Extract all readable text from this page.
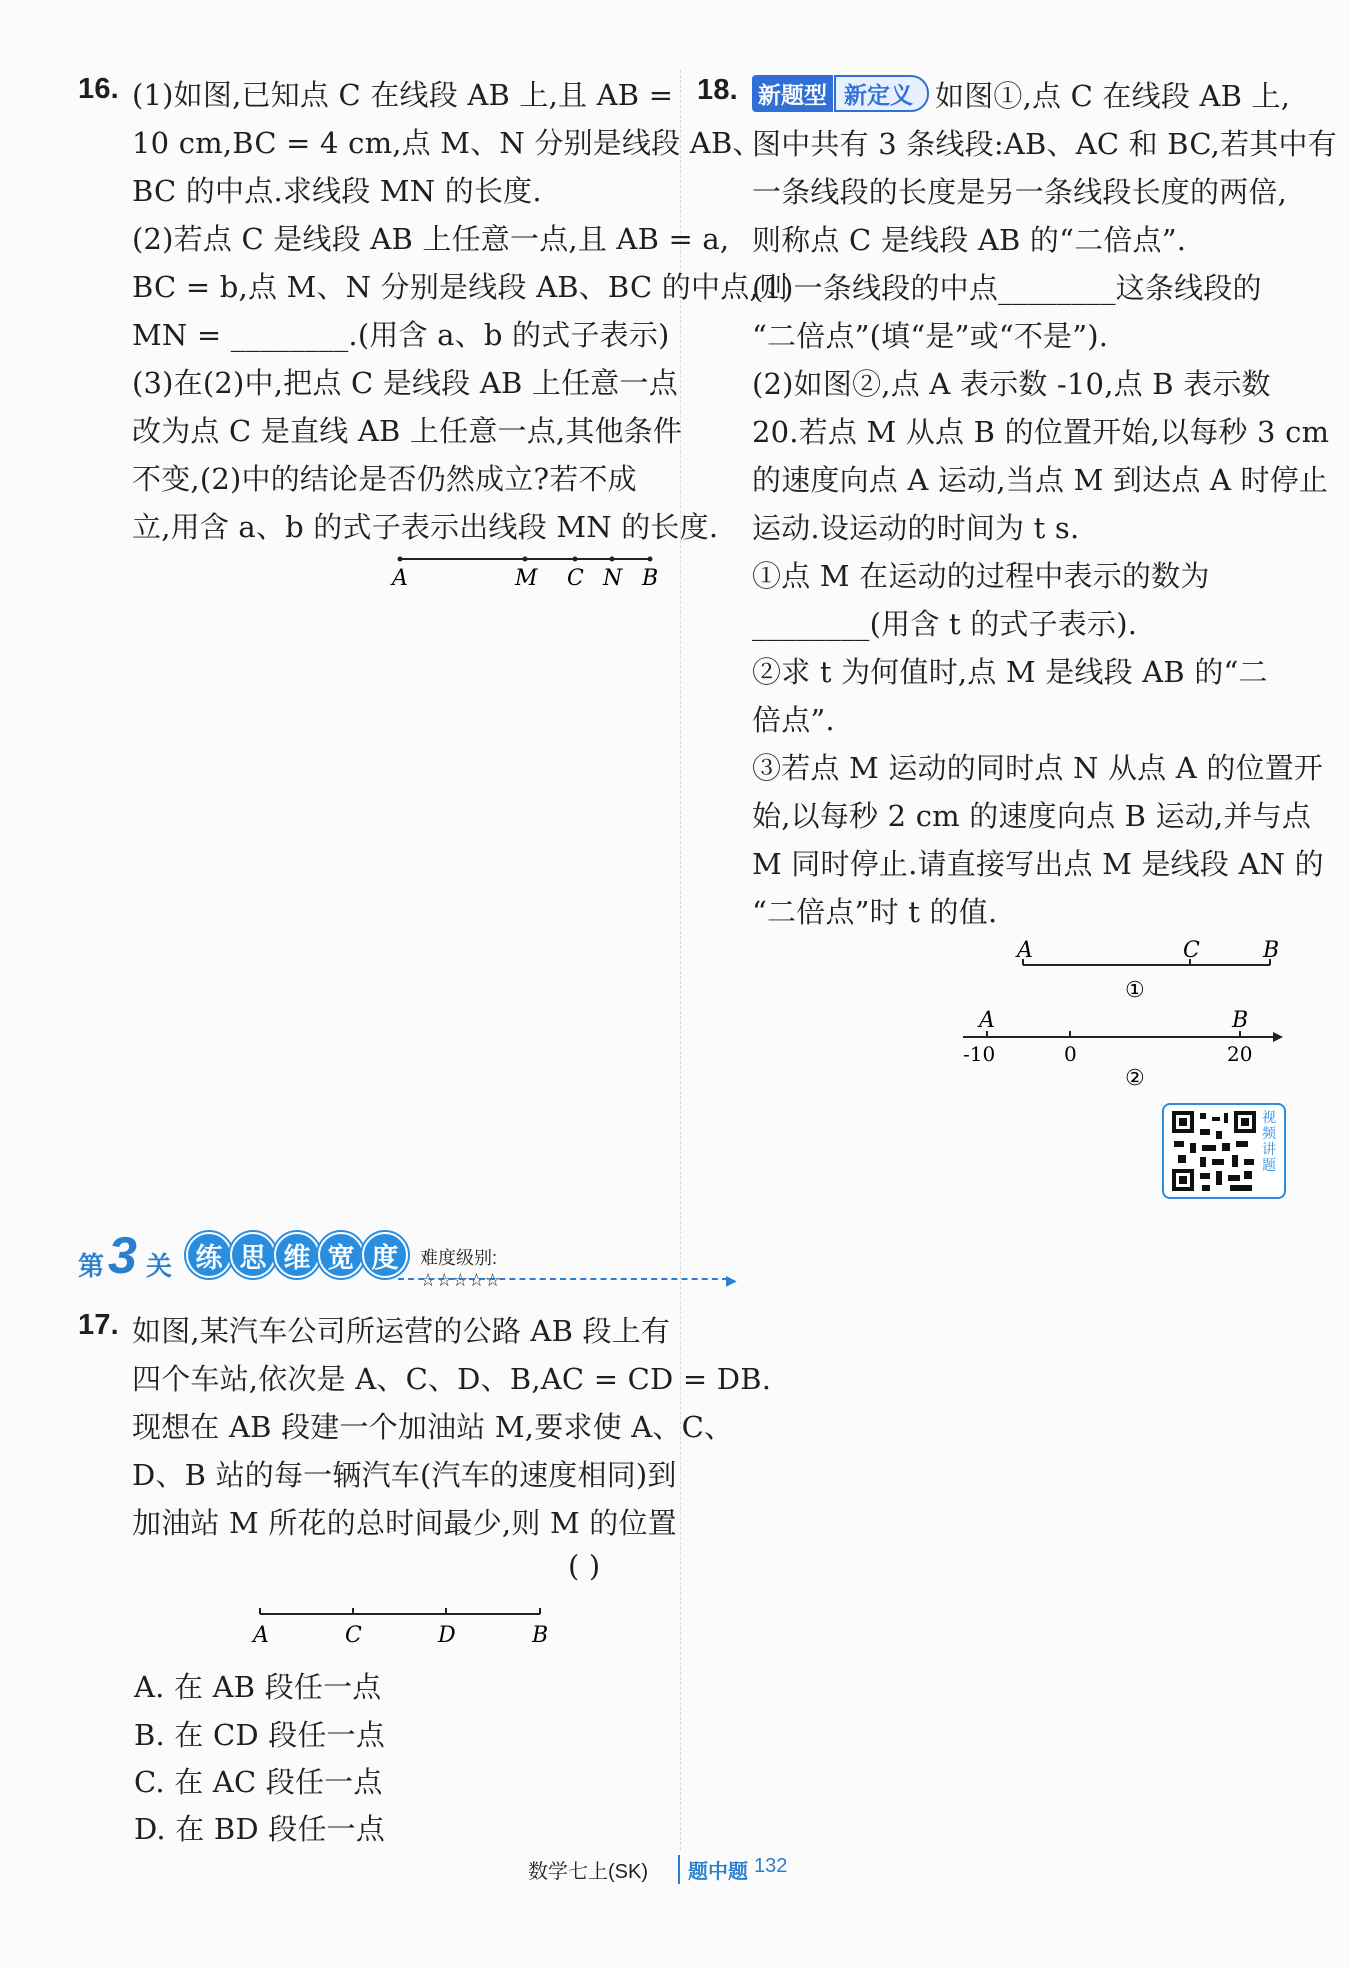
16. (1)如图,已知点 C 在线段 AB 上,且 AB =
10 cm,BC = 4 cm,点 M、N 分别是线段 AB、
BC 的中点.求线段 MN 的长度.
(2)若点 C 是线段 AB 上任意一点,且 AB = a,
BC = b,点 M、N 分别是线段 AB、BC 的中点,则
MN = ________.(用含 a、b 的式子表示)
(3)在(2)中,把点 C 是线段 AB 上任意一点
改为点 C 是直线 AB 上任意一点,其他条件
不变,(2)中的结论是否仍然成立?若不成
立,用含 a、b 的式子表示出线段 MN 的长度.
A	M C N B
第 3 关 练 思 维 宽 度	难度级别: ☆☆☆☆☆	▶
17. 如图,某汽车公司所运营的公路 AB 段上有
四个车站,依次是 A、C、D、B,AC = CD = DB.
现想在 AB 段建一个加油站 M,要求使 A、C、
D、B 站的每一辆汽车(汽车的速度相同)到
加油站 M 所花的总时间最少,则 M 的位置
( )
A	C	D	B
A. 在 AB 段任一点
B. 在 CD 段任一点
C. 在 AC 段任一点
D. 在 BD 段任一点
18. 新题型 新定义 如图①,点 C 在线段 AB 上,
图中共有 3 条线段:AB、AC 和 BC,若其中有
一条线段的长度是另一条线段长度的两倍,
则称点 C 是线段 AB 的“二倍点”.
(1)一条线段的中点________这条线段的
“二倍点”(填“是”或“不是”).
(2)如图②,点 A 表示数 -10,点 B 表示数
20.若点 M 从点 B 的位置开始,以每秒 3 cm
的速度向点 A 运动,当点 M 到达点 A 时停止
运动.设运动的时间为 t s.
①点 M 在运动的过程中表示的数为
________(用含 t 的式子表示).
②求 t 为何值时,点 M 是线段 AB 的“二
倍点”.
③若点 M 运动的同时点 N 从点 A 的位置开
始,以每秒 2 cm 的速度向点 B 运动,并与点
M 同时停止.请直接写出点 M 是线段 AN 的
“二倍点”时 t 的值.
A	C	B
①
A	B
-10	0	20
②
视频讲题
数学七上(SK)	题中题 132
